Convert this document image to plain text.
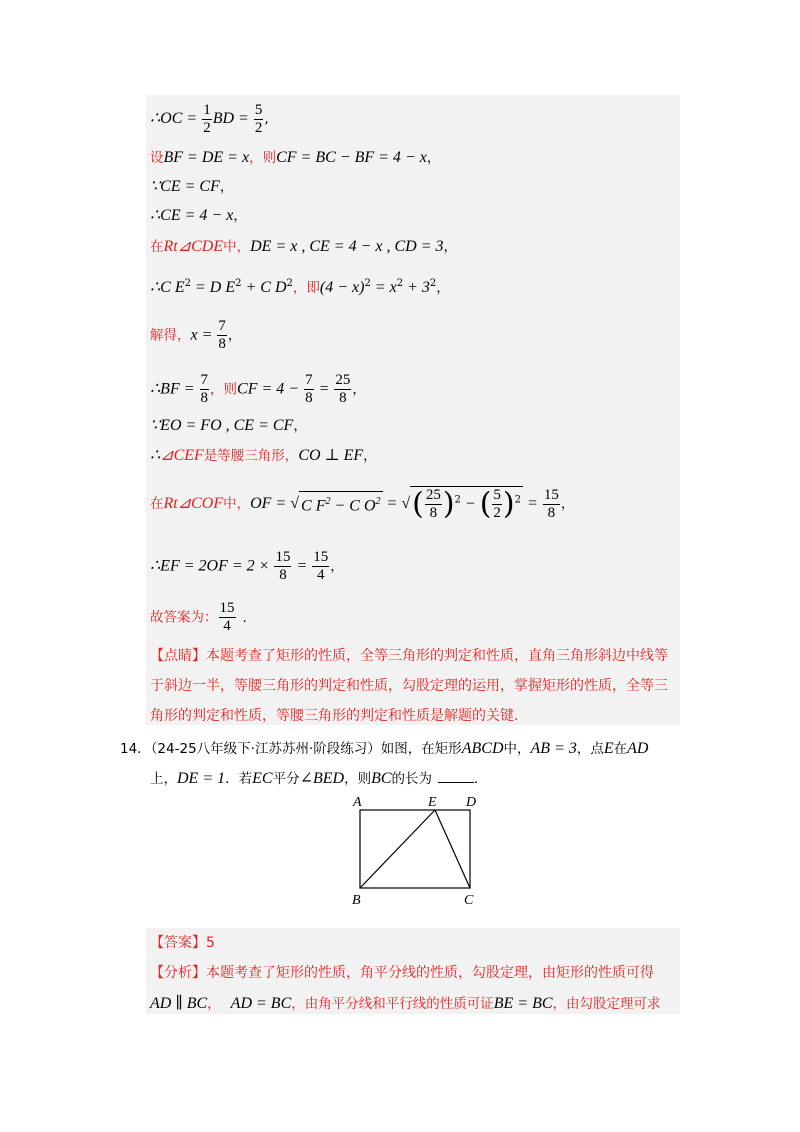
∴OC = $\frac{1}{2}$ BD = $\frac{5}{2}$ ,
设BF = DE = x，则CF = BC − BF = 4 − x，
∵CE = CF，
∴CE = 4 − x，
在Rt⊿CDE中，DE = x , CE = 4 − x , CD = 3，
∴C $E^2 = D$ $E^2 + C$ $D^2$，即$(4 - x)^2 = x^2 + 3^2$，
解得，$x = \frac{7}{8}$ ，
∴BF = $\frac{7}{8}$ ，则CF = $4 - \frac{7}{8} = \frac{25}{8}$ ，
∵EO = FO , CE = CF，
∴⊿CEF是等腰三角形，CO ⊥ EF，
在Rt⊿COF中，OF = √ C $F^2 - C$ $O^2$ = √( $\frac{25}{8} )^2$ − ( $\frac{5}{2} )^2 = \frac{15}{8}$ ，
∴EF = $2OF = 2 \times \frac{15}{8} = \frac{15}{4}$ ，
故答案为： $\frac{15}{4}$ .
【点睛】本题考查了矩形的性质，全等三角形的判定和性质，直角三角形斜边中线等
于斜边一半，等腰三角形的判定和性质，勾股定理的运用，掌握矩形的性质，全等三
角形的判定和性质，等腰三角形的判定和性质是解题的关键.
14．（24-25八年级下·江苏苏州·阶段练习）如图，在矩形ABCD中，AB = 3，点E在AD
上，DE = 1．若EC平分∠BED，则BC的长为	．
A	E D
B	C
【答案】5
【分析】本题考查了矩形的性质，角平分线的性质，勾股定理，由矩形的性质可得
AD ∥ BC， AD = BC，由角平分线和平行线的性质可证BE = BC，由勾股定理可求
